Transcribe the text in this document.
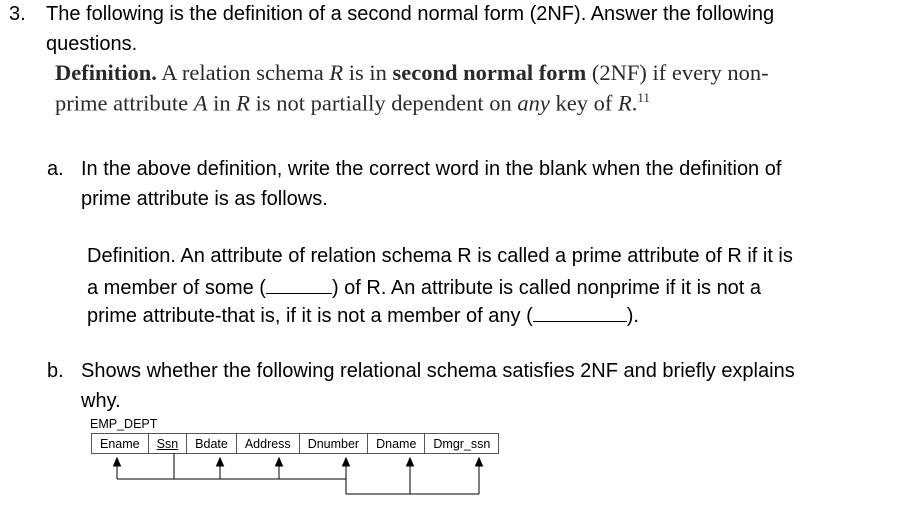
3. The following is the definition of a second normal form (2NF). Answer the following
questions.
Definition. A relation schema R is in second normal form (2NF) if every non-
prime attribute A in R is not partially dependent on any key of R.$^{11}$
a. In the above definition, write the correct word in the blank when the definition of
prime attribute is as follows.
Definition. An attribute of relation schema R is called a prime attribute of R if it is
a member of some (	) of R. An attribute is called nonprime if it is not a
prime attribute-that is, if it is not a member of any (	).
b. Shows whether the following relational schema satisfies 2NF and briefly explains
why.
EMP_DEPT
Ename	Ssn	Bdate	Address	Dnumber	Dname	Dmgr_ssn
